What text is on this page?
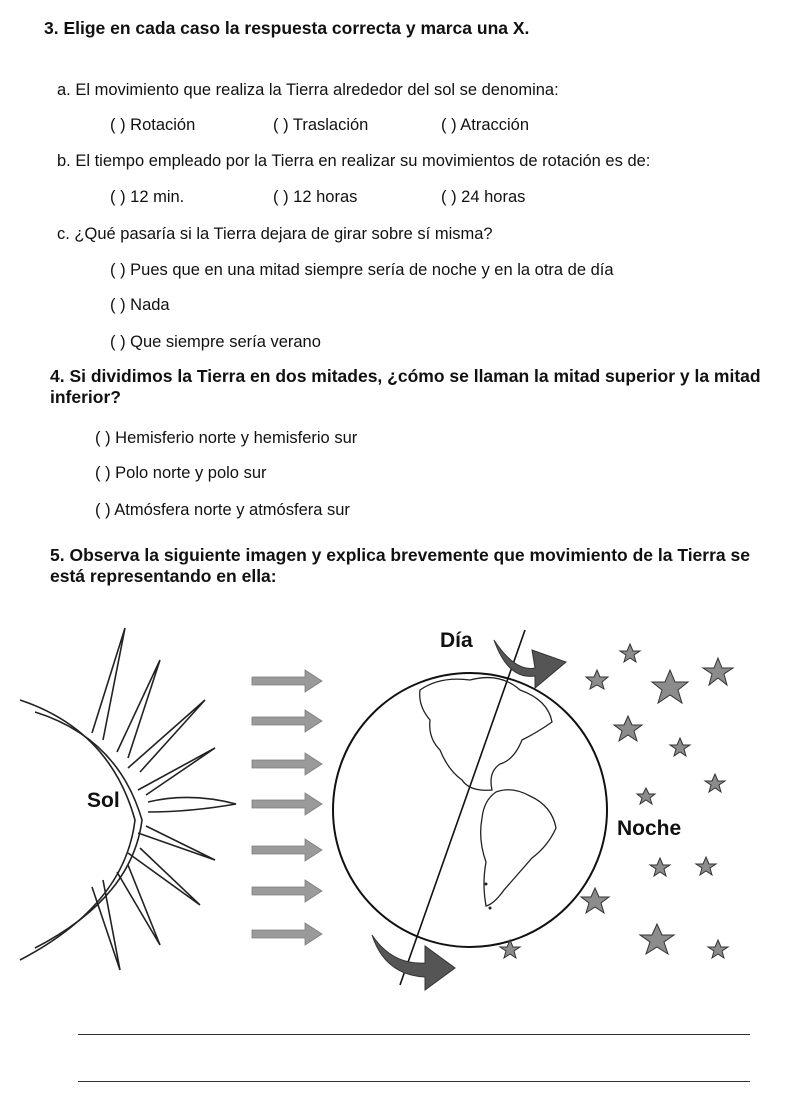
3. Elige en cada caso la respuesta correcta y marca una X.
a. El movimiento que realiza la Tierra alrededor del sol se denomina:
( ) Rotación	( ) Traslación	( ) Atracción
b. El tiempo empleado por la Tierra en realizar su movimientos de rotación es de:
( ) 12 min.	( ) 12 horas	( ) 24 horas
c. ¿Qué pasaría si la Tierra dejara de girar sobre sí misma?
( ) Pues que en una mitad siempre sería de noche y en la otra de día
( ) Nada
( ) Que siempre sería verano
4. Si dividimos la Tierra en dos mitades, ¿cómo se llaman la mitad superior y la mitad inferior?
( ) Hemisferio norte y hemisferio sur
( ) Polo norte y polo sur
( ) Atmósfera norte y atmósfera sur
5. Observa la siguiente imagen y explica brevemente que movimiento de la Tierra se está representando en ella:
Sol
Día
Noche
